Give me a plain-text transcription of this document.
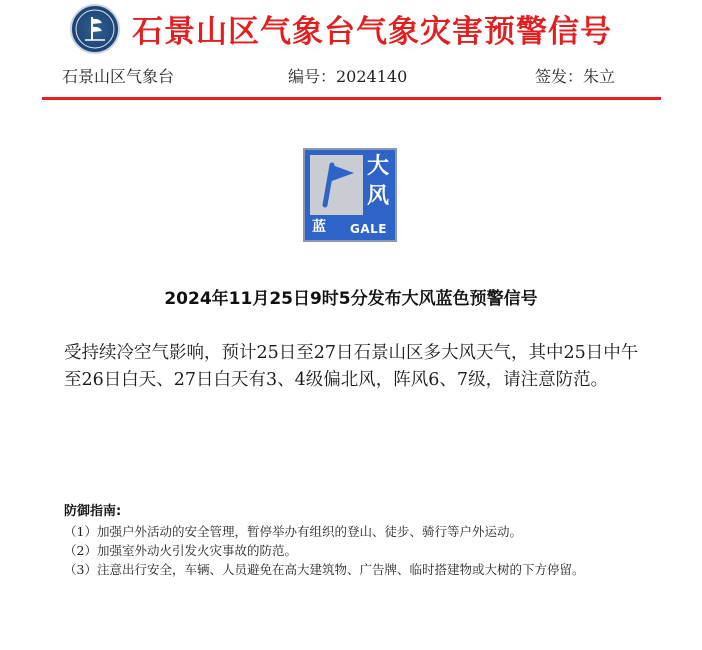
石景山区气象台气象灾害预警信号
石景山区气象台	编号：2024140	签发：朱立
大
风
蓝 GALE
2024年11月25日9时5分发布大风蓝色预警信号
受持续冷空气影响，预计25日至27日石景山区多大风天气，其中25日中午至26日白天、27日白天有3、4级偏北风，阵风6、7级，请注意防范。
防御指南:
（1）加强户外活动的安全管理，暂停举办有组织的登山、徒步、骑行等户外运动。
（2）加强室外动火引发火灾事故的防范。
（3）注意出行安全，车辆、人员避免在高大建筑物、广告牌、临时搭建物或大树的下方停留。
